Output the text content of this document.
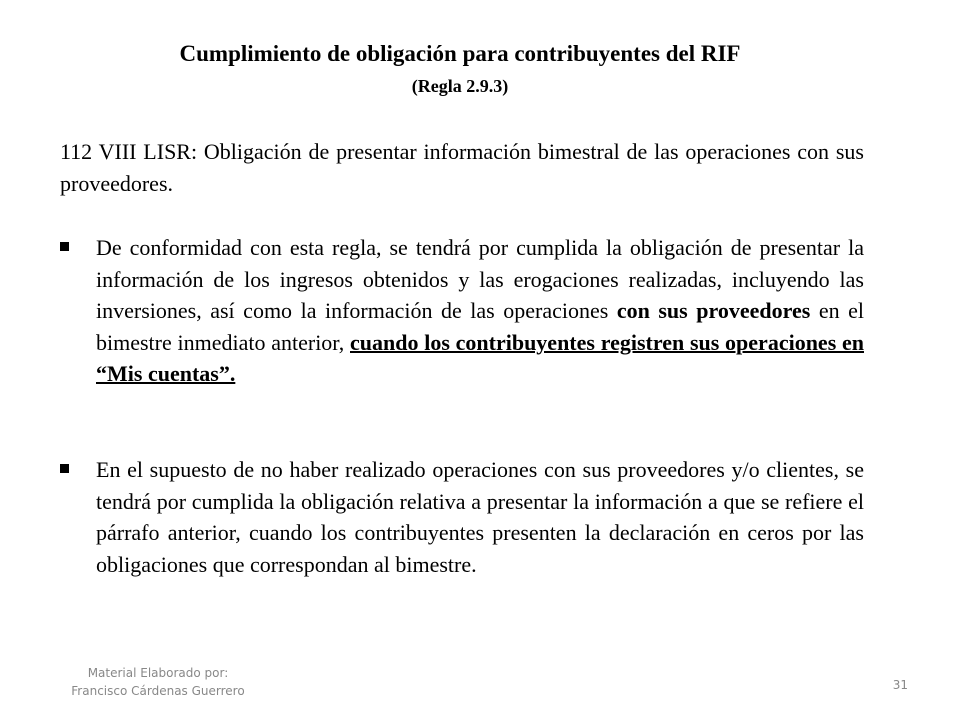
Cumplimiento de obligación para contribuyentes del RIF
(Regla 2.9.3)
112 VIII LISR: Obligación de presentar información bimestral de las operaciones con sus proveedores.
De conformidad con esta regla, se tendrá por cumplida la obligación de presentar la información de los ingresos obtenidos y las erogaciones realizadas, incluyendo las inversiones, así como la información de las operaciones con sus proveedores en el bimestre inmediato anterior, cuando los contribuyentes registren sus operaciones en “Mis cuentas”.
En el supuesto de no haber realizado operaciones con sus proveedores y/o clientes, se tendrá por cumplida la obligación relativa a presentar la información a que se refiere el párrafo anterior, cuando los contribuyentes presenten la declaración en ceros por las obligaciones que correspondan al bimestre.
Material Elaborado por:
Francisco Cárdenas Guerrero	31
